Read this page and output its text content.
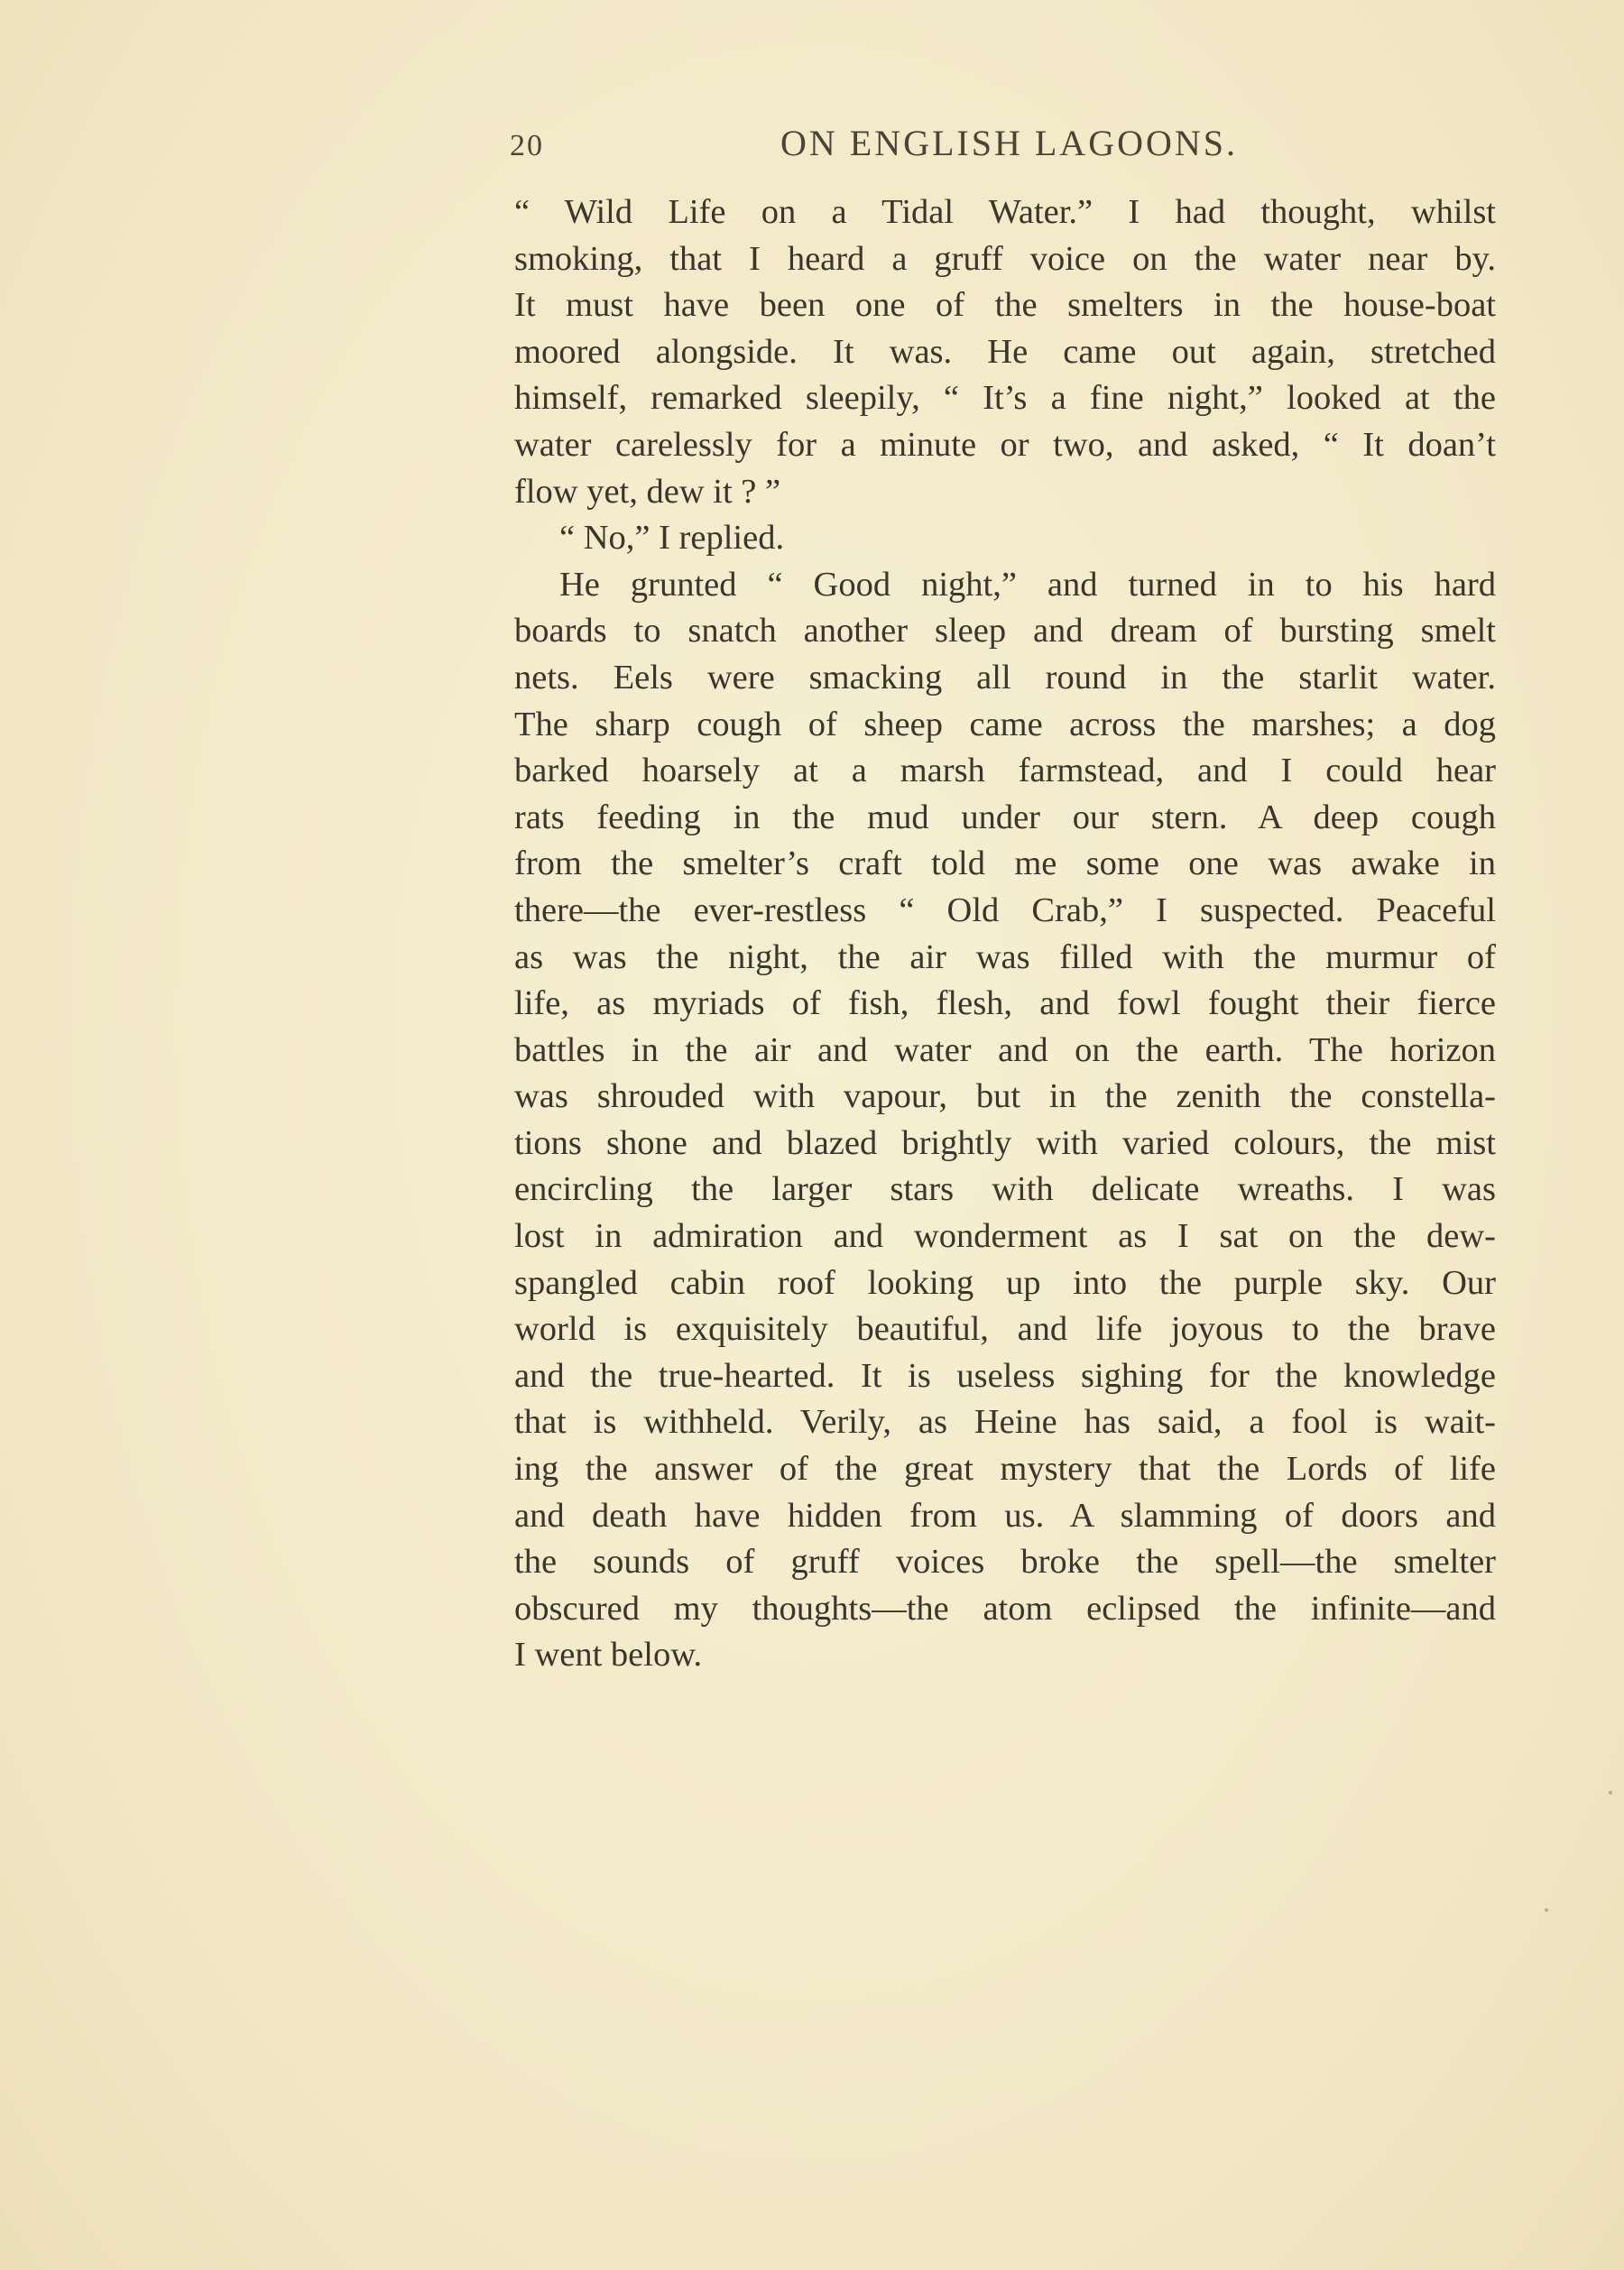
20	ON ENGLISH LAGOONS.
“ Wild Life on a Tidal Water.” I had thought, whilst
smoking, that I heard a gruff voice on the water near by.
It must have been one of the smelters in the house-boat
moored alongside. It was. He came out again, stretched
himself, remarked sleepily, “ It’s a fine night,” looked at the
water carelessly for a minute or two, and asked, “ It doan’t
flow yet, dew it ? ”
“ No,” I replied.
He grunted “ Good night,” and turned in to his hard
boards to snatch another sleep and dream of bursting smelt
nets. Eels were smacking all round in the starlit water.
The sharp cough of sheep came across the marshes; a dog
barked hoarsely at a marsh farmstead, and I could hear
rats feeding in the mud under our stern. A deep cough
from the smelter’s craft told me some one was awake in
there—the ever-restless “ Old Crab,” I suspected. Peaceful
as was the night, the air was filled with the murmur of
life, as myriads of fish, flesh, and fowl fought their fierce
battles in the air and water and on the earth. The horizon
was shrouded with vapour, but in the zenith the constella-
tions shone and blazed brightly with varied colours, the mist
encircling the larger stars with delicate wreaths. I was
lost in admiration and wonderment as I sat on the dew-
spangled cabin roof looking up into the purple sky. Our
world is exquisitely beautiful, and life joyous to the brave
and the true-hearted. It is useless sighing for the knowledge
that is withheld. Verily, as Heine has said, a fool is wait-
ing the answer of the great mystery that the Lords of life
and death have hidden from us. A slamming of doors and
the sounds of gruff voices broke the spell—the smelter
obscured my thoughts—the atom eclipsed the infinite—and
I went below.
